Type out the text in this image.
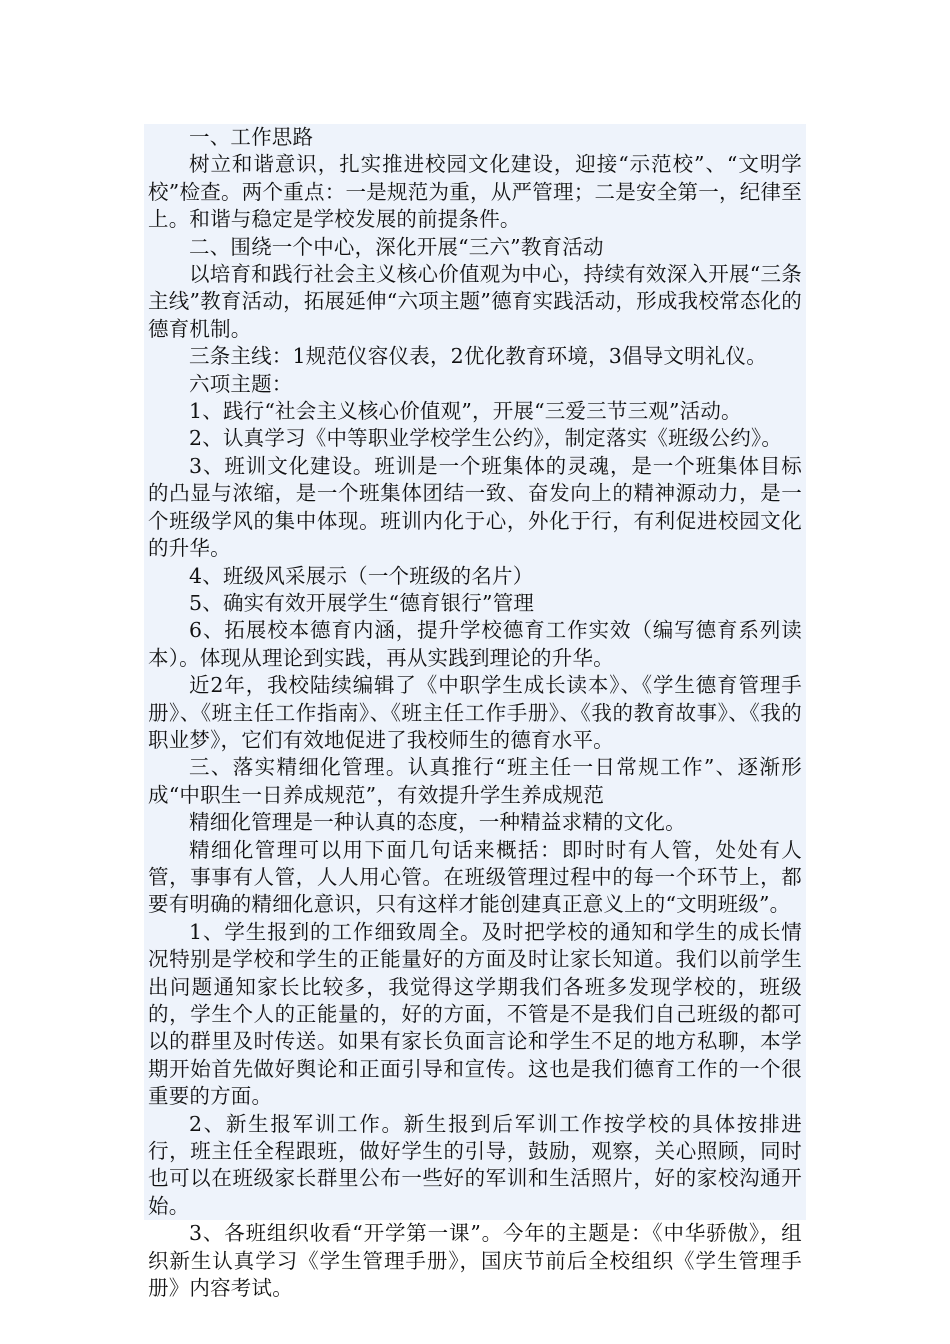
一、工作思路

树立和谐意识，扎实推进校园文化建设，迎接“示范校”、“文明学校”检查。两个重点：一是规范为重，从严管理；二是安全第一，纪律至上。和谐与稳定是学校发展的前提条件。

二、围绕一个中心，深化开展“三六”教育活动

以培育和践行社会主义核心价值观为中心，持续有效深入开展“三条主线”教育活动，拓展延伸“六项主题”德育实践活动，形成我校常态化的德育机制。

三条主线：1规范仪容仪表，2优化教育环境，3倡导文明礼仪。

六项主题：

1、践行“社会主义核心价值观”，开展“三爱三节三观”活动。

2、认真学习《中等职业学校学生公约》，制定落实《班级公约》。

3、班训文化建设。班训是一个班集体的灵魂，是一个班集体目标的凸显与浓缩，是一个班集体团结一致、奋发向上的精神源动力，是一个班级学风的集中体现。班训内化于心，外化于行，有利促进校园文化的升华。

4、班级风采展示（一个班级的名片）

5、确实有效开展学生“德育银行”管理

6、拓展校本德育内涵，提升学校德育工作实效（编写德育系列读本）。体现从理论到实践，再从实践到理论的升华。

近2年，我校陆续编辑了《中职学生成长读本》、《学生德育管理手册》、《班主任工作指南》、《班主任工作手册》、《我的教育故事》、《我的职业梦》，它们有效地促进了我校师生的德育水平。

三、落实精细化管理。认真推行“班主任一日常规工作”、逐渐形成“中职生一日养成规范”，有效提升学生养成规范

精细化管理是一种认真的态度，一种精益求精的文化。

精细化管理可以用下面几句话来概括：即时时有人管，处处有人管，事事有人管，人人用心管。在班级管理过程中的每一个环节上，都要有明确的精细化意识，只有这样才能创建真正意义上的“文明班级”。

1、学生报到的工作细致周全。及时把学校的通知和学生的成长情况特别是学校和学生的正能量好的方面及时让家长知道。我们以前学生出问题通知家长比较多，我觉得这学期我们各班多发现学校的，班级的，学生个人的正能量的，好的方面，不管是不是我们自己班级的都可以的群里及时传送。如果有家长负面言论和学生不足的地方私聊，本学期开始首先做好舆论和正面引导和宣传。这也是我们德育工作的一个很重要的方面。

2、新生报军训工作。新生报到后军训工作按学校的具体按排进行，班主任全程跟班，做好学生的引导，鼓励，观察，关心照顾，同时也可以在班级家长群里公布一些好的军训和生活照片，好的家校沟通开始。

3、各班组织收看“开学第一课”。今年的主题是：《中华骄傲》，组织新生认真学习《学生管理手册》，国庆节前后全校组织《学生管理手册》内容考试。
